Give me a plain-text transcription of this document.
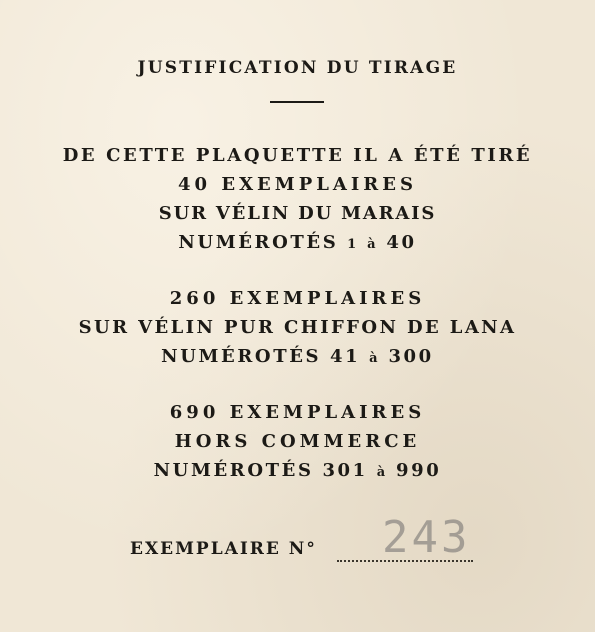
JUSTIFICATION DU TIRAGE
DE CETTE PLAQUETTE IL A ÉTÉ TIRÉ
40 EXEMPLAIRES
SUR VÉLIN DU MARAIS
NUMÉROTÉS 1 à 40
260 EXEMPLAIRES
SUR VÉLIN PUR CHIFFON DE LANA
NUMÉROTÉS 41 à 300
690 EXEMPLAIRES
HORS COMMERCE
NUMÉROTÉS 301 à 990
EXEMPLAIRE N° 243
